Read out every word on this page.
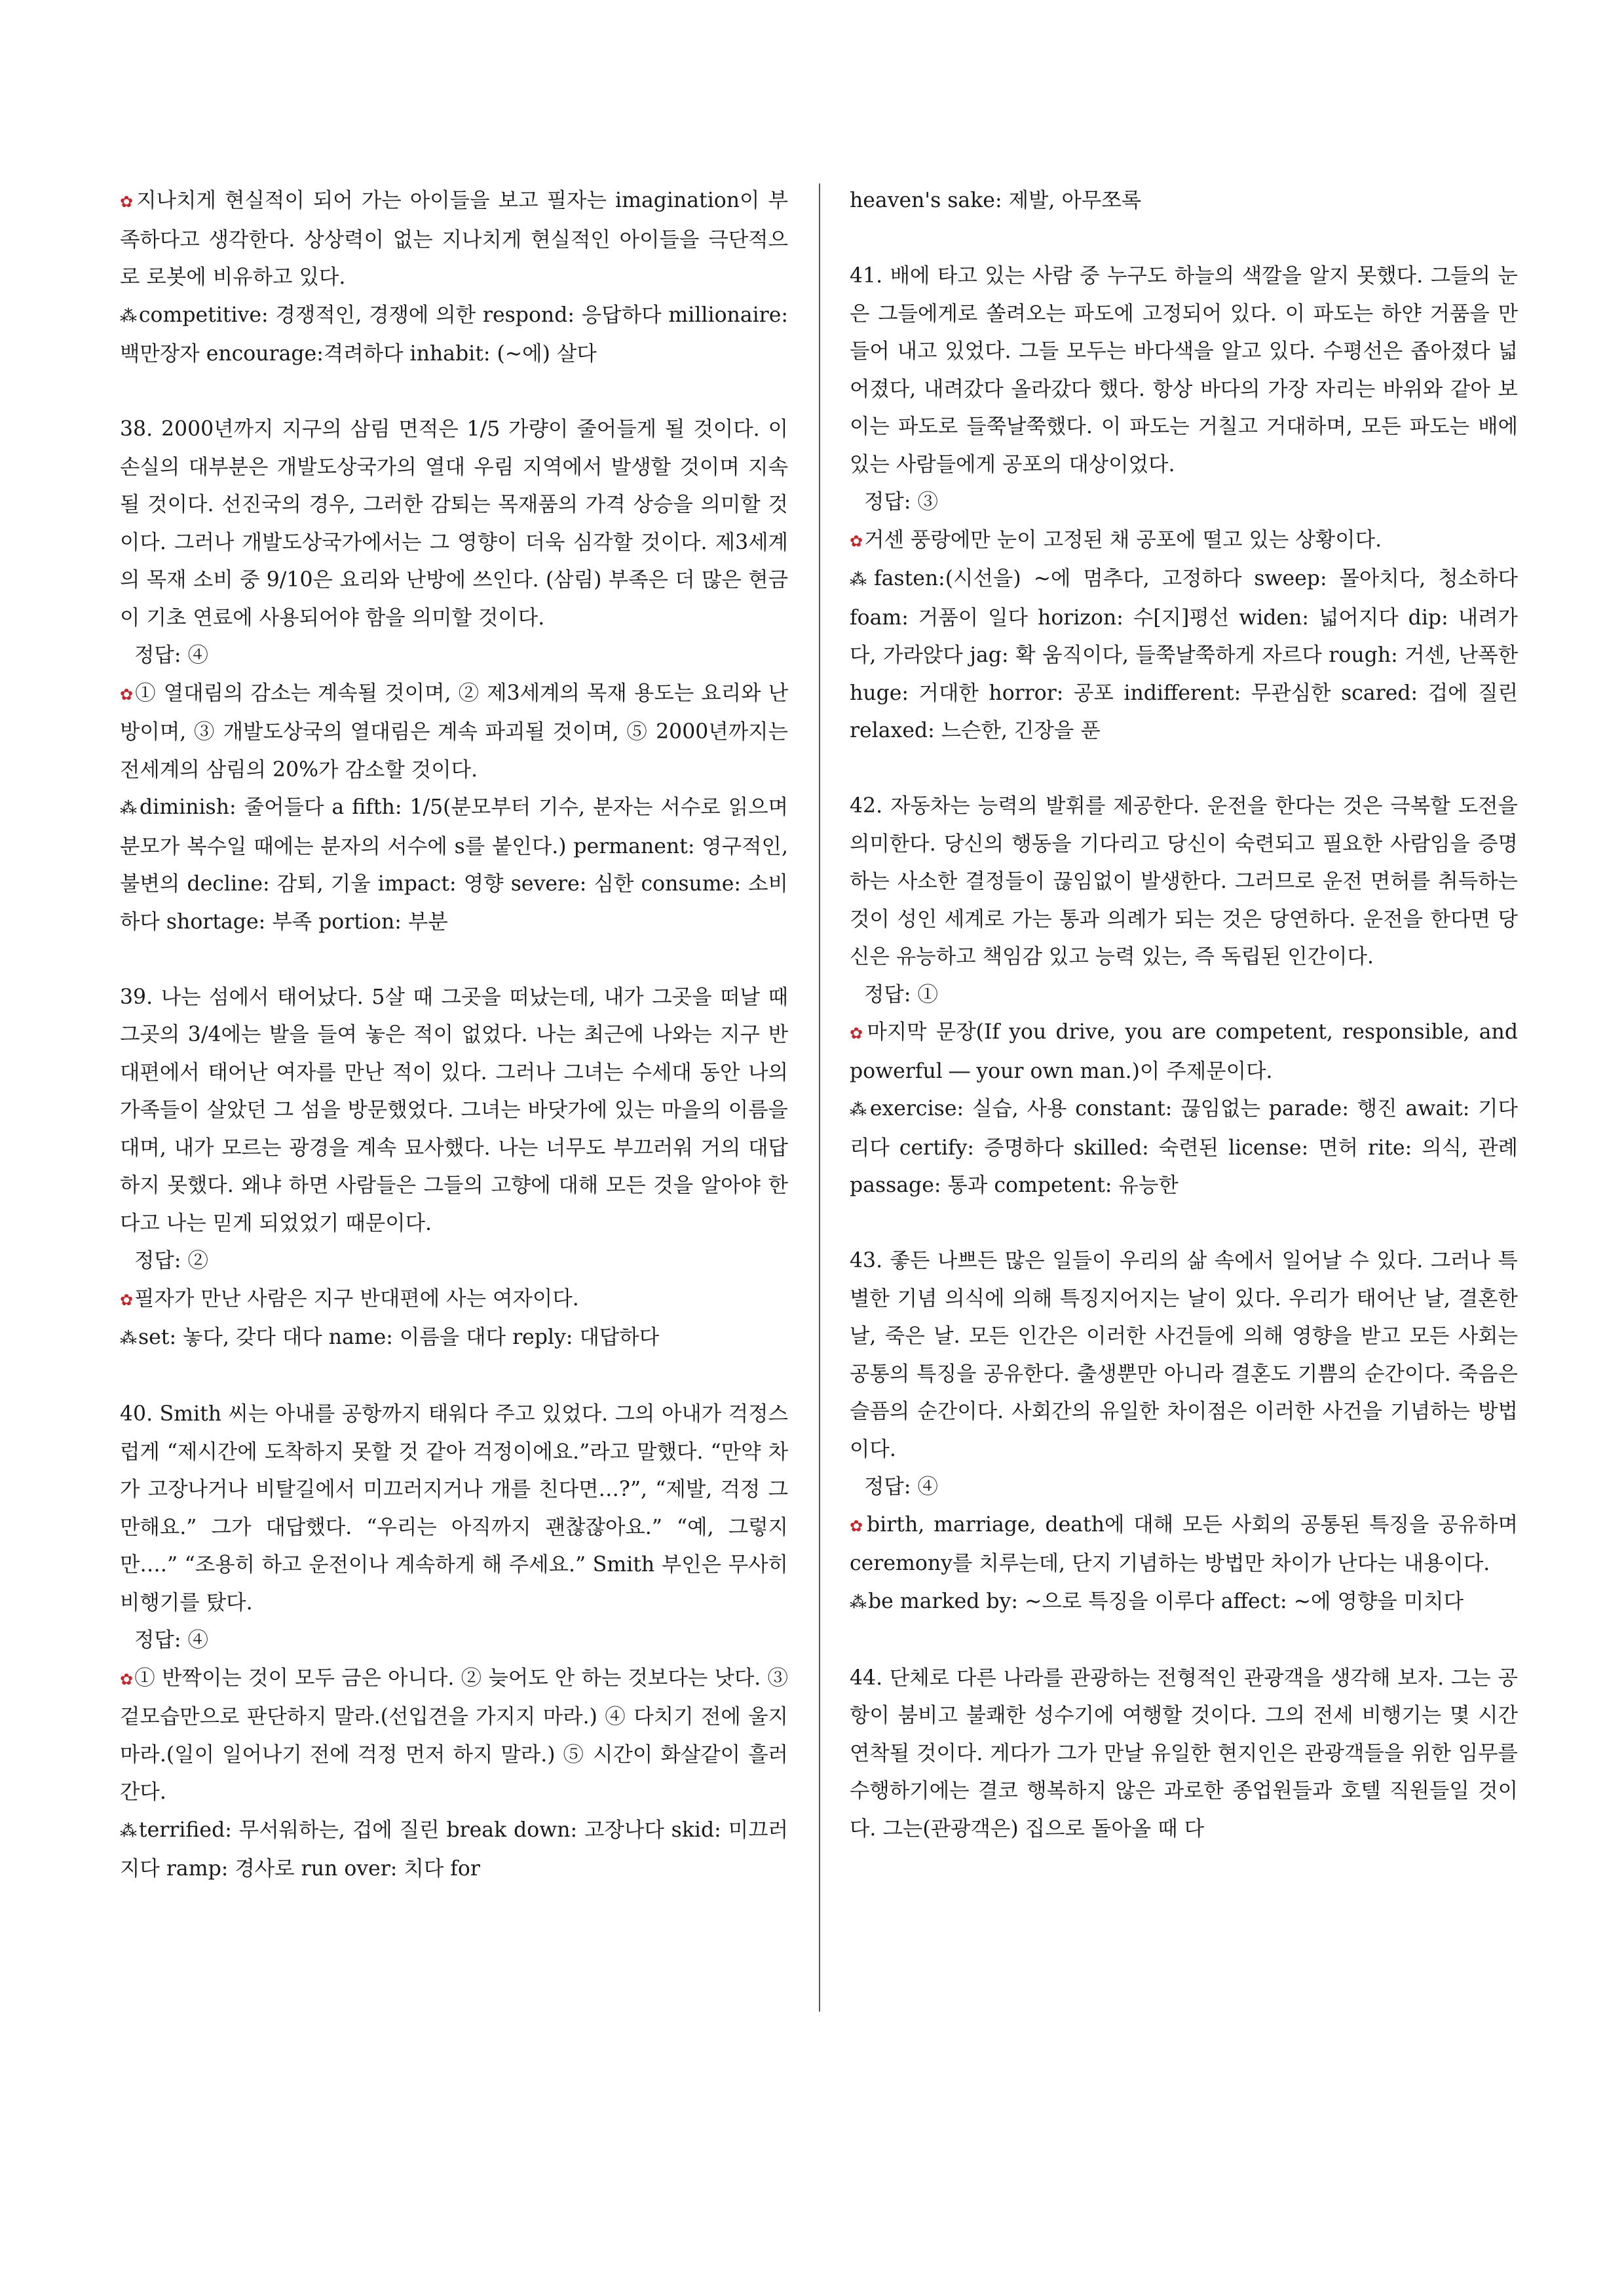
✿지나치게 현실적이 되어 가는 아이들을 보고 필자는 imagination이 부족하다고 생각한다. 상상력이 없는 지나치게 현실적인 아이들을 극단적으로 로봇에 비유하고 있다.

⁂competitive: 경쟁적인, 경쟁에 의한 respond: 응답하다 millionaire: 백만장자 encourage:격려하다 inhabit: (~에) 살다

38. 2000년까지 지구의 삼림 면적은 1/5 가량이 줄어들게 될 것이다. 이 손실의 대부분은 개발도상국가의 열대 우림 지역에서 발생할 것이며 지속될 것이다. 선진국의 경우, 그러한 감퇴는 목재품의 가격 상승을 의미할 것이다. 그러나 개발도상국가에서는 그 영향이 더욱 심각할 것이다. 제3세계의 목재 소비 중 9/10은 요리와 난방에 쓰인다. (삼림) 부족은 더 많은 현금이 기초 연료에 사용되어야 함을 의미할 것이다.

정답: ④

✿① 열대림의 감소는 계속될 것이며, ② 제3세계의 목재 용도는 요리와 난방이며, ③ 개발도상국의 열대림은 계속 파괴될 것이며, ⑤ 2000년까지는 전세계의 삼림의 20%가 감소할 것이다.

⁂diminish: 줄어들다 a fifth: 1/5(분모부터 기수, 분자는 서수로 읽으며 분모가 복수일 때에는 분자의 서수에 s를 붙인다.) permanent: 영구적인, 불변의 decline: 감퇴, 기울 impact: 영향 severe: 심한 consume: 소비하다 shortage: 부족 portion: 부분

39. 나는 섬에서 태어났다. 5살 때 그곳을 떠났는데, 내가 그곳을 떠날 때 그곳의 3/4에는 발을 들여 놓은 적이 없었다. 나는 최근에 나와는 지구 반대편에서 태어난 여자를 만난 적이 있다. 그러나 그녀는 수세대 동안 나의 가족들이 살았던 그 섬을 방문했었다. 그녀는 바닷가에 있는 마을의 이름을 대며, 내가 모르는 광경을 계속 묘사했다. 나는 너무도 부끄러워 거의 대답하지 못했다. 왜냐 하면 사람들은 그들의 고향에 대해 모든 것을 알아야 한다고 나는 믿게 되었었기 때문이다.

정답: ②

✿필자가 만난 사람은 지구 반대편에 사는 여자이다.

⁂set: 놓다, 갖다 대다 name: 이름을 대다 reply: 대답하다

40. Smith 씨는 아내를 공항까지 태워다 주고 있었다. 그의 아내가 걱정스럽게 “제시간에 도착하지 못할 것 같아 걱정이에요.”라고 말했다. “만약 차가 고장나거나 비탈길에서 미끄러지거나 개를 친다면…?”, “제발, 걱정 그만해요.” 그가 대답했다. “우리는 아직까지 괜찮잖아요.” “예, 그렇지만….” “조용히 하고 운전이나 계속하게 해 주세요.” Smith 부인은 무사히 비행기를 탔다.

정답: ④

✿① 반짝이는 것이 모두 금은 아니다. ② 늦어도 안 하는 것보다는 낫다. ③ 겉모습만으로 판단하지 말라.(선입견을 가지지 마라.) ④ 다치기 전에 울지 마라.(일이 일어나기 전에 걱정 먼저 하지 말라.) ⑤ 시간이 화살같이 흘러간다.

⁂terrified: 무서워하는, 겁에 질린 break down: 고장나다 skid: 미끄러지다 ramp: 경사로 run over: 치다 for

heaven's sake: 제발, 아무쪼록

41. 배에 타고 있는 사람 중 누구도 하늘의 색깔을 알지 못했다. 그들의 눈은 그들에게로 쏠려오는 파도에 고정되어 있다. 이 파도는 하얀 거품을 만들어 내고 있었다. 그들 모두는 바다색을 알고 있다. 수평선은 좁아졌다 넓어졌다, 내려갔다 올라갔다 했다. 항상 바다의 가장 자리는 바위와 같아 보이는 파도로 들쭉날쭉했다. 이 파도는 거칠고 거대하며, 모든 파도는 배에 있는 사람들에게 공포의 대상이었다.

정답: ③

✿거센 풍랑에만 눈이 고정된 채 공포에 떨고 있는 상황이다.

⁂fasten:(시선을) ~에 멈추다, 고정하다 sweep: 몰아치다, 청소하다 foam: 거품이 일다 horizon: 수[지]평선 widen: 넓어지다 dip: 내려가다, 가라앉다 jag: 확 움직이다, 들쭉날쭉하게 자르다 rough: 거센, 난폭한 huge: 거대한 horror: 공포 indifferent: 무관심한 scared: 겁에 질린 relaxed: 느슨한, 긴장을 푼

42. 자동차는 능력의 발휘를 제공한다. 운전을 한다는 것은 극복할 도전을 의미한다. 당신의 행동을 기다리고 당신이 숙련되고 필요한 사람임을 증명하는 사소한 결정들이 끊임없이 발생한다. 그러므로 운전 면허를 취득하는 것이 성인 세계로 가는 통과 의례가 되는 것은 당연하다. 운전을 한다면 당신은 유능하고 책임감 있고 능력 있는, 즉 독립된 인간이다.

정답: ①

✿마지막 문장(If you drive, you are competent, responsible, and powerful ― your own man.)이 주제문이다.

⁂exercise: 실습, 사용 constant: 끊임없는 parade: 행진 await: 기다리다 certify: 증명하다 skilled: 숙련된 license: 면허 rite: 의식, 관례 passage: 통과 competent: 유능한

43. 좋든 나쁘든 많은 일들이 우리의 삶 속에서 일어날 수 있다. 그러나 특별한 기념 의식에 의해 특징지어지는 날이 있다. 우리가 태어난 날, 결혼한 날, 죽은 날. 모든 인간은 이러한 사건들에 의해 영향을 받고 모든 사회는 공통의 특징을 공유한다. 출생뿐만 아니라 결혼도 기쁨의 순간이다. 죽음은 슬픔의 순간이다. 사회간의 유일한 차이점은 이러한 사건을 기념하는 방법이다.

정답: ④

✿birth, marriage, death에 대해 모든 사회의 공통된 특징을 공유하며 ceremony를 치루는데, 단지 기념하는 방법만 차이가 난다는 내용이다.

⁂be marked by: ~으로 특징을 이루다 affect: ~에 영향을 미치다

44. 단체로 다른 나라를 관광하는 전형적인 관광객을 생각해 보자. 그는 공항이 붐비고 불쾌한 성수기에 여행할 것이다. 그의 전세 비행기는 몇 시간 연착될 것이다. 게다가 그가 만날 유일한 현지인은 관광객들을 위한 임무를 수행하기에는 결코 행복하지 않은 과로한 종업원들과 호텔 직원들일 것이다. 그는(관광객은) 집으로 돌아올 때 다
